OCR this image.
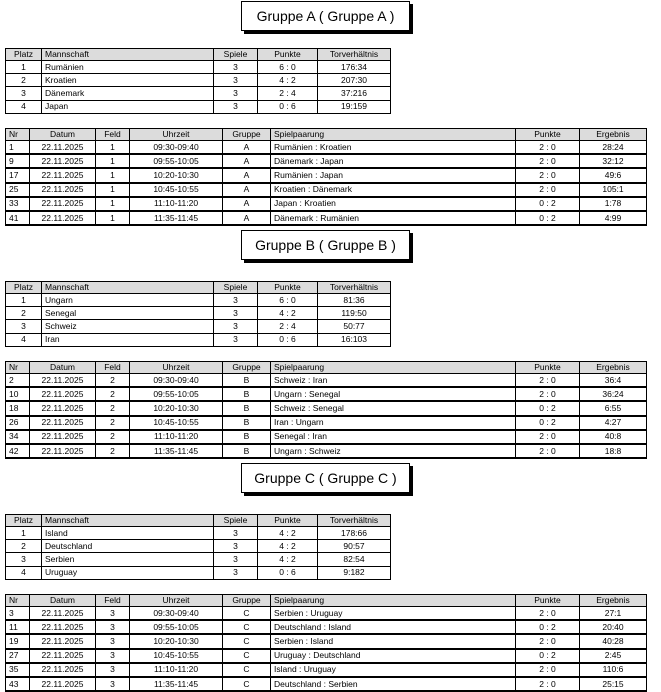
Gruppe A ( Gruppe A )
Platz	Mannschaft	Spiele	Punkte	Torverhältnis
1	Rumänien	3	6 : 0	176:34
2	Kroatien	3	4 : 2	207:30
3	Dänemark	3	2 : 4	37:216
4	Japan	3	0 : 6	19:159
Nr	Datum	Feld	Uhrzeit	Gruppe	Spielpaarung	Punkte	Ergebnis
1	22.11.2025	1	09:30-09:40	A	Rumänien : Kroatien	2 : 0	28:24
9	22.11.2025	1	09:55-10:05	A	Dänemark : Japan	2 : 0	32:12
17	22.11.2025	1	10:20-10:30	A	Rumänien : Japan	2 : 0	49:6
25	22.11.2025	1	10:45-10:55	A	Kroatien : Dänemark	2 : 0	105:1
33	22.11.2025	1	11:10-11:20	A	Japan : Kroatien	0 : 2	1:78
41	22.11.2025	1	11:35-11:45	A	Dänemark : Rumänien	0 : 2	4:99
Gruppe B ( Gruppe B )
Platz	Mannschaft	Spiele	Punkte	Torverhältnis
1	Ungarn	3	6 : 0	81:36
2	Senegal	3	4 : 2	119:50
3	Schweiz	3	2 : 4	50:77
4	Iran	3	0 : 6	16:103
Nr	Datum	Feld	Uhrzeit	Gruppe	Spielpaarung	Punkte	Ergebnis
2	22.11.2025	2	09:30-09:40	B	Schweiz : Iran	2 : 0	36:4
10	22.11.2025	2	09:55-10:05	B	Ungarn : Senegal	2 : 0	36:24
18	22.11.2025	2	10:20-10:30	B	Schweiz : Senegal	0 : 2	6:55
26	22.11.2025	2	10:45-10:55	B	Iran : Ungarn	0 : 2	4:27
34	22.11.2025	2	11:10-11:20	B	Senegal : Iran	2 : 0	40:8
42	22.11.2025	2	11:35-11:45	B	Ungarn : Schweiz	2 : 0	18:8
Gruppe C ( Gruppe C )
Platz	Mannschaft	Spiele	Punkte	Torverhältnis
1	Island	3	4 : 2	178:66
2	Deutschland	3	4 : 2	90:57
3	Serbien	3	4 : 2	82:54
4	Uruguay	3	0 : 6	9:182
Nr	Datum	Feld	Uhrzeit	Gruppe	Spielpaarung	Punkte	Ergebnis
3	22.11.2025	3	09:30-09:40	C	Serbien : Uruguay	2 : 0	27:1
11	22.11.2025	3	09:55-10:05	C	Deutschland : Island	0 : 2	20:40
19	22.11.2025	3	10:20-10:30	C	Serbien : Island	2 : 0	40:28
27	22.11.2025	3	10:45-10:55	C	Uruguay : Deutschland	0 : 2	2:45
35	22.11.2025	3	11:10-11:20	C	Island : Uruguay	2 : 0	110:6
43	22.11.2025	3	11:35-11:45	C	Deutschland : Serbien	2 : 0	25:15
